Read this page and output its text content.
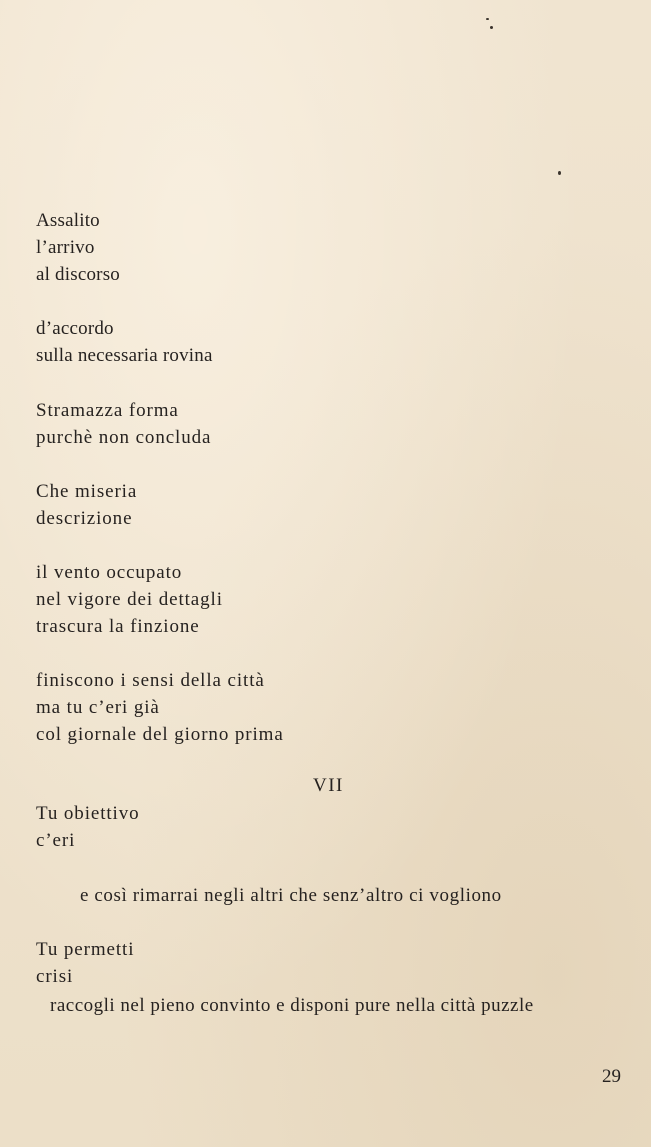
Assalito
l’arrivo
al discorso
d’accordo
sulla necessaria rovina
Stramazza forma
purchè non concluda
Che miseria
descrizione
il vento occupato
nel vigore dei dettagli
trascura la finzione
finiscono i sensi della città
ma tu c’eri già
col giornale del giorno prima
VII
Tu obiettivo
c’eri
e così rimarrai negli altri che senz’altro ci vogliono
Tu permetti
crisi
raccogli nel pieno convinto e disponi pure nella città puzzle
29
